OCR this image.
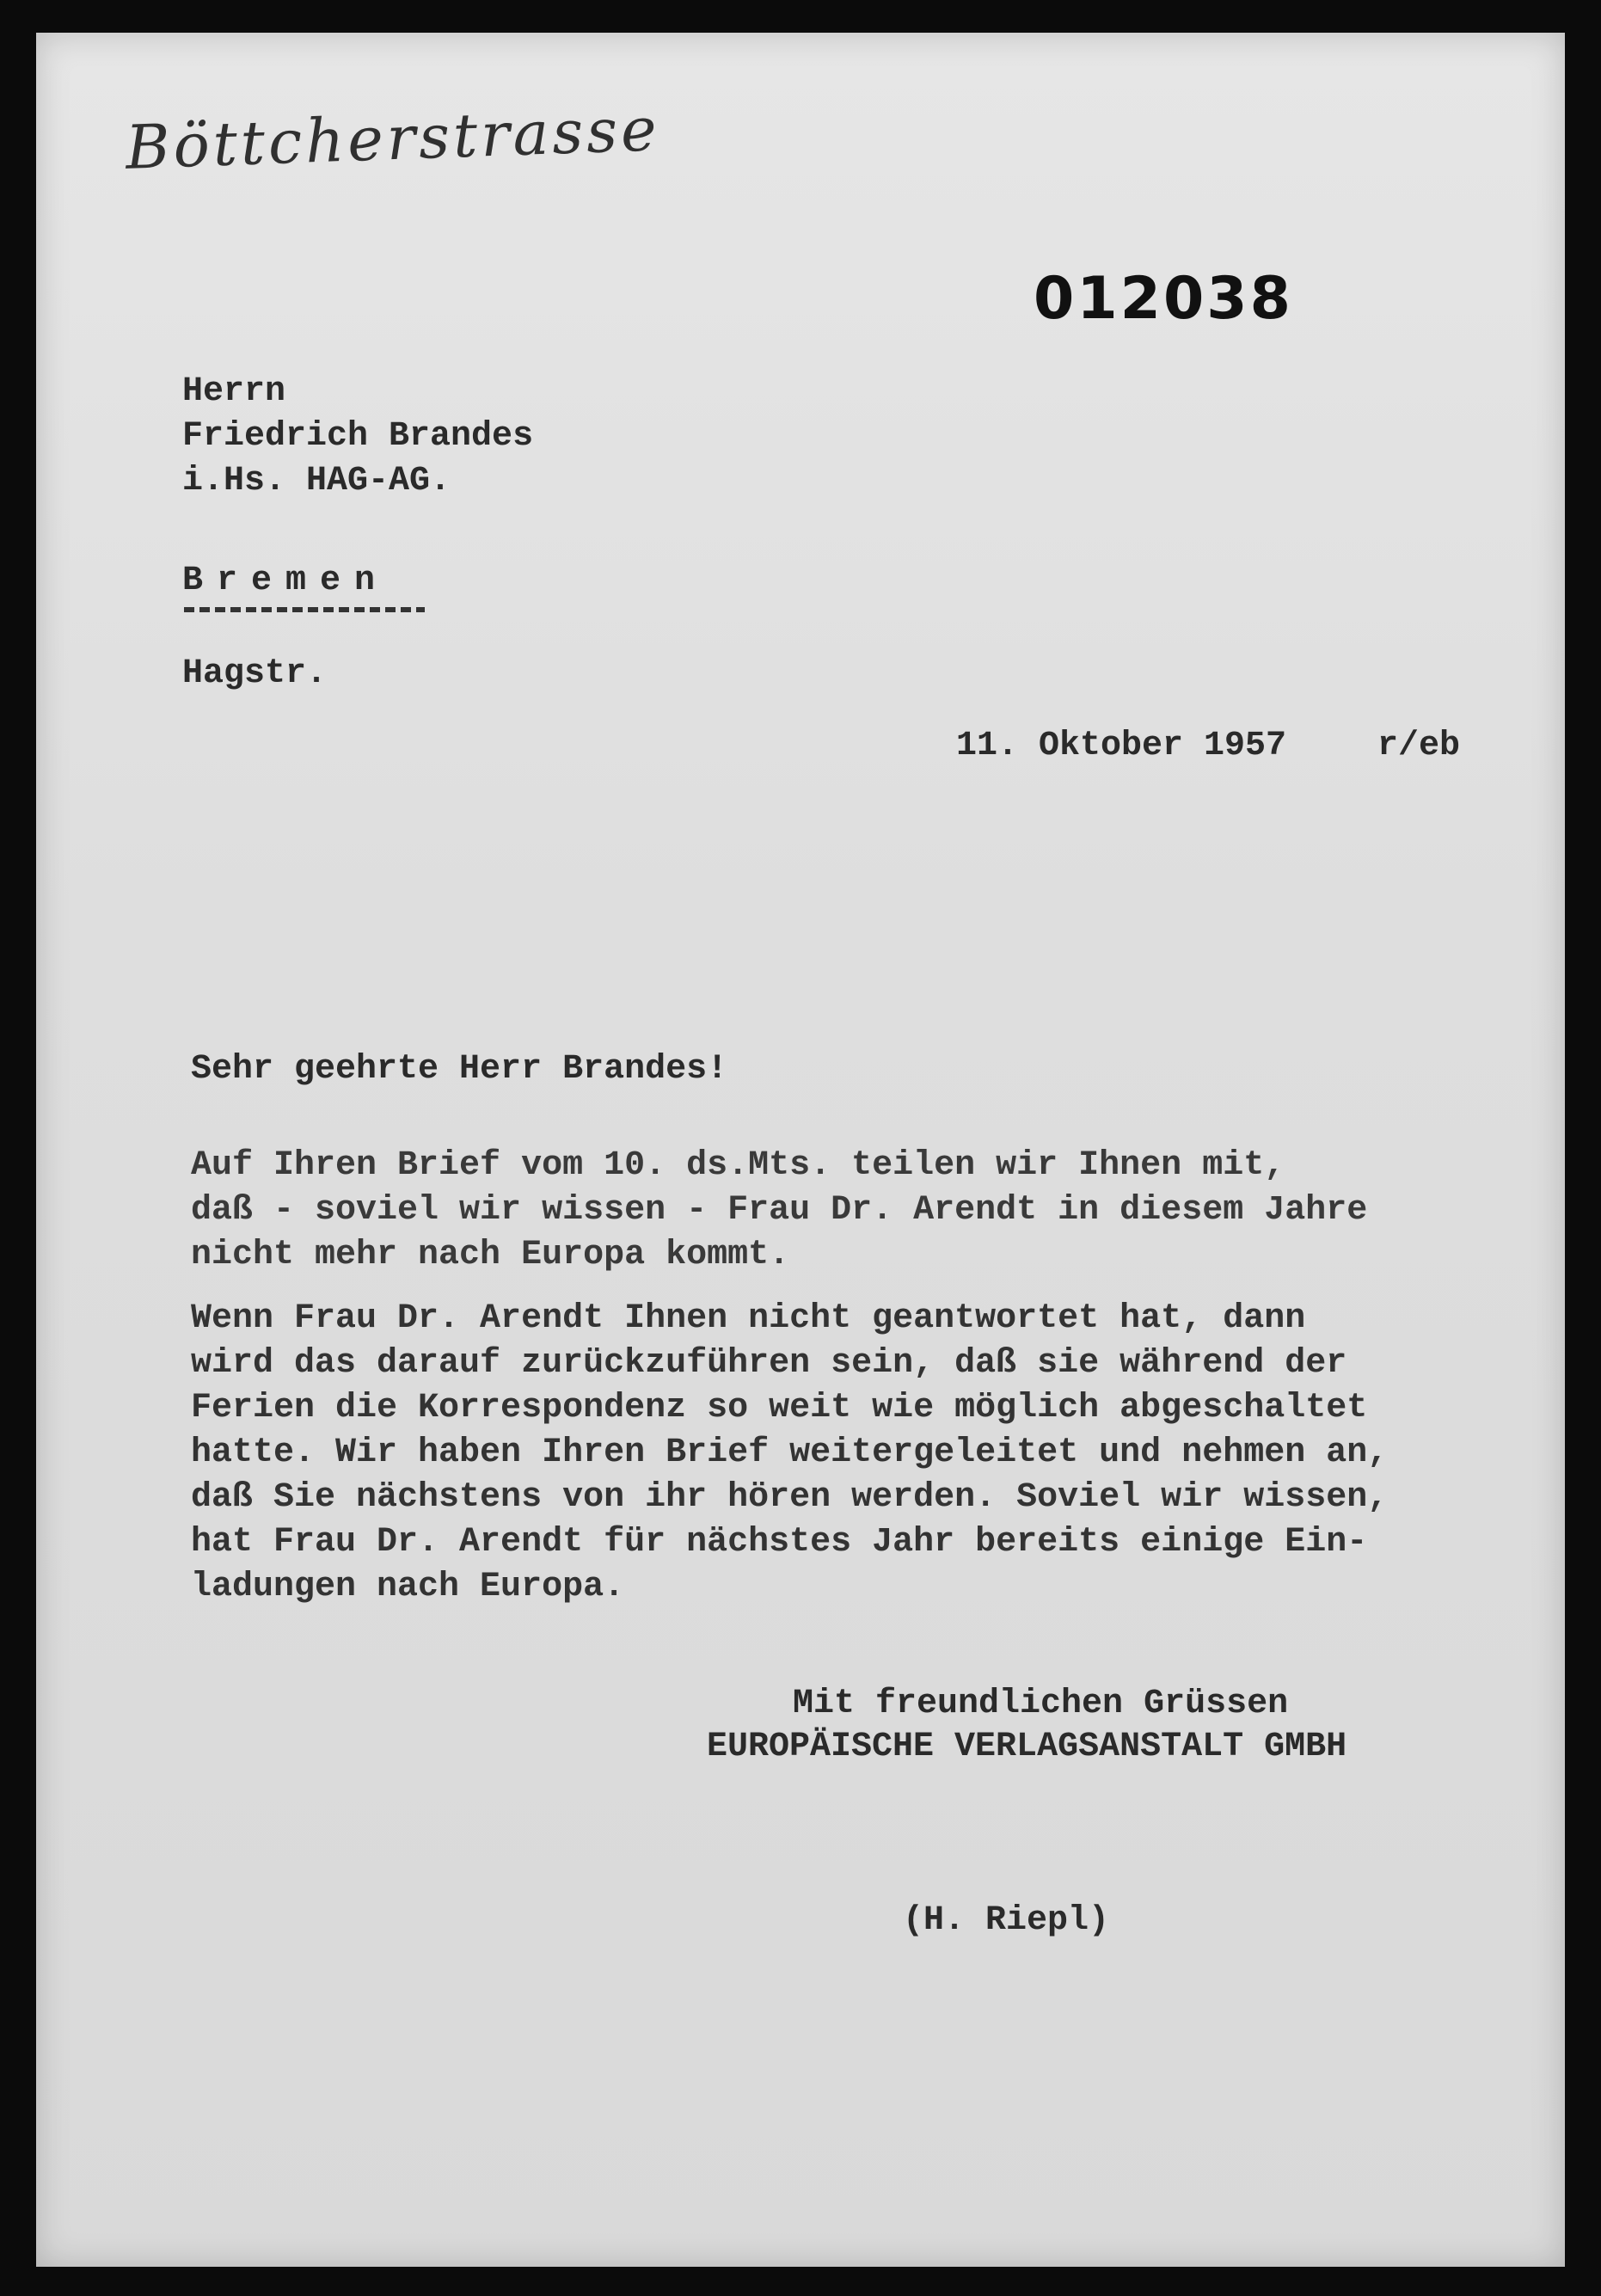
Böttcherstrasse
012038
Herrn
Friedrich Brandes
i.Hs. HAG-AG.
Bremen
Hagstr.
11. Oktober 1957	r/eb
Sehr geehrte Herr Brandes!
Auf Ihren Brief vom 10. ds.Mts. teilen wir Ihnen mit,
daß - soviel wir wissen - Frau Dr. Arendt in diesem Jahre
nicht mehr nach Europa kommt.
Wenn Frau Dr. Arendt Ihnen nicht geantwortet hat, dann
wird das darauf zurückzuführen sein, daß sie während der
Ferien die Korrespondenz so weit wie möglich abgeschaltet
hatte. Wir haben Ihren Brief weitergeleitet und nehmen an,
daß Sie nächstens von ihr hören werden. Soviel wir wissen,
hat Frau Dr. Arendt für nächstes Jahr bereits einige Ein-
ladungen nach Europa.
Mit freundlichen Grüssen
EUROPÄISCHE VERLAGSANSTALT GMBH
(H. Riepl)
